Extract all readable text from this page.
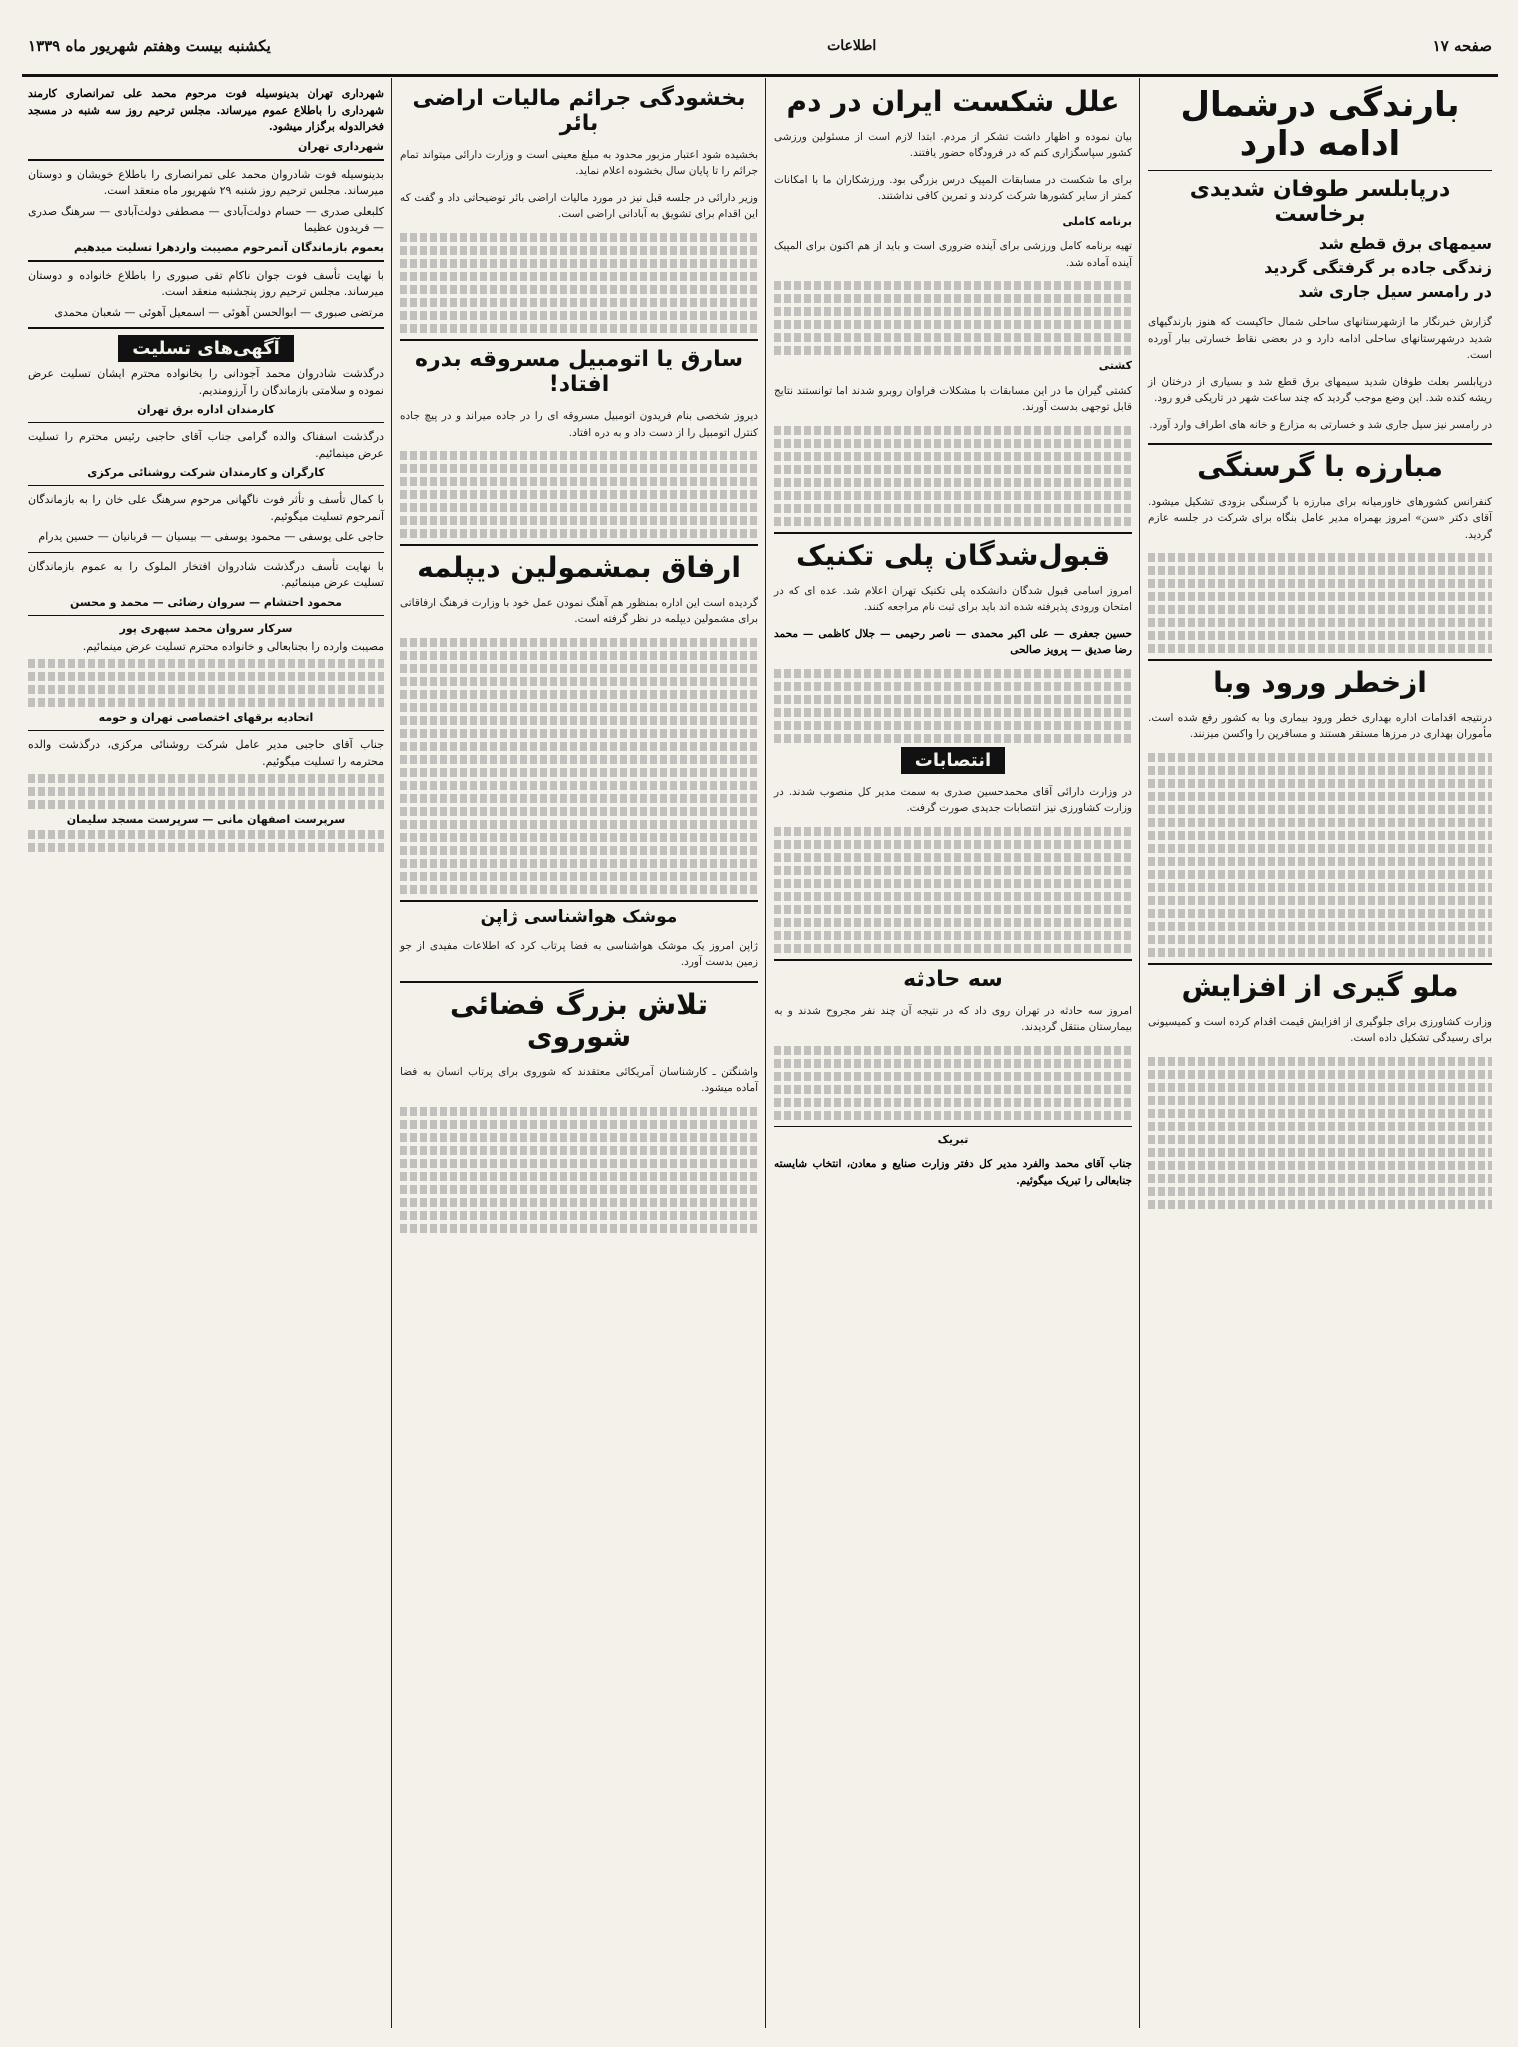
صفحه ۱۷
اطلاعات
یکشنبه بیست وهفتم شهریور ماه ۱۳۳۹
بارندگی درشمال ادامه دارد
درپابلسر طوفان شدیدی برخاست
سیمهای برق قطع شد
زندگی جاده بر گرفتگی گردید
در رامسر سیل جاری شد

گزارش خبرنگار ما ازشهرستانهای ساحلی شمال حاکیست که هنوز بارندگیهای شدید درشهرستانهای ساحلی ادامه دارد و در بعضی نقاط خسارتی ببار آورده است.

درپابلسر بعلت طوفان شدید سیمهای برق قطع شد و بسیاری از درختان از ریشه کنده شد. این وضع موجب گردید که چند ساعت شهر در تاریکی فرو رود.

در رامسر نیز سیل جاری شد و خسارتی به مزارع و خانه های اطراف وارد آورد.

مبارزه با گرسنگی

کنفرانس کشورهای خاورمیانه برای مبارزه با گرسنگی بزودی تشکیل میشود. آقای دکتر «سن» امروز بهمراه مدیر عامل بنگاه برای شرکت در جلسه عازم گردید.

ازخطر ورود وبا

درنتیجه اقدامات اداره بهداری خطر ورود بیماری وبا به کشور رفع شده است. مأموران بهداری در مرزها مستقر هستند و مسافرین را واکسن میزنند.

ملو گیری از افزایش

وزارت کشاورزی برای جلوگیری از افزایش قیمت اقدام کرده است و کمیسیونی برای رسیدگی تشکیل داده است.

علل شکست ایران در دم

بیان نموده و اظهار داشت تشکر از مردم. ابتدا لازم است از مسئولین ورزشی کشور سپاسگزاری کنم که در فرودگاه حضور یافتند.

برای ما شکست در مسابقات المپیک درس بزرگی بود. ورزشکاران ما با امکانات کمتر از سایر کشورها شرکت کردند و تمرین کافی نداشتند.

برنامه کاملی

تهیه برنامه کامل ورزشی برای آینده ضروری است و باید از هم اکنون برای المپیک آینده آماده شد.

کشتی

کشتی گیران ما در این مسابقات با مشکلات فراوان روبرو شدند اما توانستند نتایج قابل توجهی بدست آورند.

قبول‌شدگان پلی تکنیک

امروز اسامی قبول شدگان دانشکده پلی تکنیک تهران اعلام شد. عده ای که در امتحان ورودی پذیرفته شده اند باید برای ثبت نام مراجعه کنند.

حسین جعفری — علی اکبر محمدی — ناصر رحیمی — جلال کاظمی — محمد رضا صدیق — پرویز صالحی

انتصابات

در وزارت دارائی آقای محمدحسین صدری به سمت مدیر کل منصوب شدند. در وزارت کشاورزی نیز انتصابات جدیدی صورت گرفت.

سه حادثه

امروز سه حادثه در تهران روی داد که در نتیجه آن چند نفر مجروح شدند و به بیمارستان منتقل گردیدند.

تبریک

جناب آقای محمد والفرد مدیر کل دفتر وزارت صنایع و معادن، انتخاب شایسته جنابعالی را تبریک میگوئیم.

بخشودگی جرائم مالیات اراضی بائر

بخشیده شود اعتبار مزبور محدود به مبلغ معینی است و وزارت دارائی میتواند تمام جرائم را تا پایان سال بخشوده اعلام نماید.

وزیر دارائی در جلسه قبل نیز در مورد مالیات اراضی بائر توضیحاتی داد و گفت که این اقدام برای تشویق به آبادانی اراضی است.

سارق یا اتومبیل مسروقه بدره افتاد!

دیروز شخصی بنام فریدون اتومبیل مسروقه ای را در جاده میراند و در پیچ جاده کنترل اتومبیل را از دست داد و به دره افتاد.

ارفاق بمشمولین دیپلمه

گردیده است این اداره بمنظور هم آهنگ نمودن عمل خود با وزارت فرهنگ ارفاقاتی برای مشمولین دیپلمه در نظر گرفته است.

موشک هواشناسی ژاپن

ژاپن امروز یک موشک هواشناسی به فضا پرتاب کرد که اطلاعات مفیدی از جو زمین بدست آورد.

تلاش بزرگ فضائی شوروی

واشنگتن ـ کارشناسان آمریکائی معتقدند که شوروی برای پرتاب انسان به فضا آماده میشود.

شهرداری تهران بدینوسیله فوت مرحوم محمد علی تمرانصاری کارمند شهرداری را باطلاع عموم میرساند. مجلس ترحیم روز سه شنبه در مسجد فخرالدوله برگزار میشود.

شهرداری تهران

بدینوسیله فوت شادروان محمد علی تمرانصاری را باطلاع خویشان و دوستان میرساند. مجلس ترحیم روز شنبه ۲۹ شهریور ماه منعقد است.

کلبعلی صدری — حسام دولت‌آبادی — مصطفی دولت‌آبادی — سرهنگ صدری — فریدون عظیما

بعموم بازماندگان آنمرحوم مصیبت واردهرا تسلیت میدهیم

با نهایت تأسف فوت جوان ناکام تقی صبوری را باطلاع خانواده و دوستان میرساند. مجلس ترحیم روز پنجشنبه منعقد است.

مرتضی صبوری — ابوالحسن آهوئی — اسمعیل آهوئی — شعبان محمدی

آگهی‌های تسلیت

درگذشت شادروان محمد آجودانی را بخانواده محترم ایشان تسلیت عرض نموده و سلامتی بازماندگان را آرزومندیم.

کارمندان اداره برق تهران

درگذشت اسفناک والده گرامی جناب آقای حاجبی رئیس محترم را تسلیت عرض مینمائیم.

کارگران و کارمندان شرکت روشنائی مرکزی

با کمال تأسف و تأثر فوت ناگهانی مرحوم سرهنگ علی خان را به بازماندگان آنمرحوم تسلیت میگوئیم.

حاجی علی یوسفی — محمود یوسفی — بیسیان — قربانیان — حسین یدرام

با نهایت تأسف درگذشت شادروان افتخار الملوک را به عموم بازماندگان تسلیت عرض مینمائیم.

محمود احتشام — سروان رضائی — محمد و محسن
سرکار سروان محمد سپهری پور

مصیبت وارده را بجنابعالی و خانواده محترم تسلیت عرض مینمائیم.

اتحادیه برقهای اختصاصی تهران و حومه

جناب آقای حاجبی مدیر عامل شرکت روشنائی مرکزی، درگذشت والده محترمه را تسلیت میگوئیم.

سرپرست اصفهان مانی — سرپرست مسجد سلیمان
